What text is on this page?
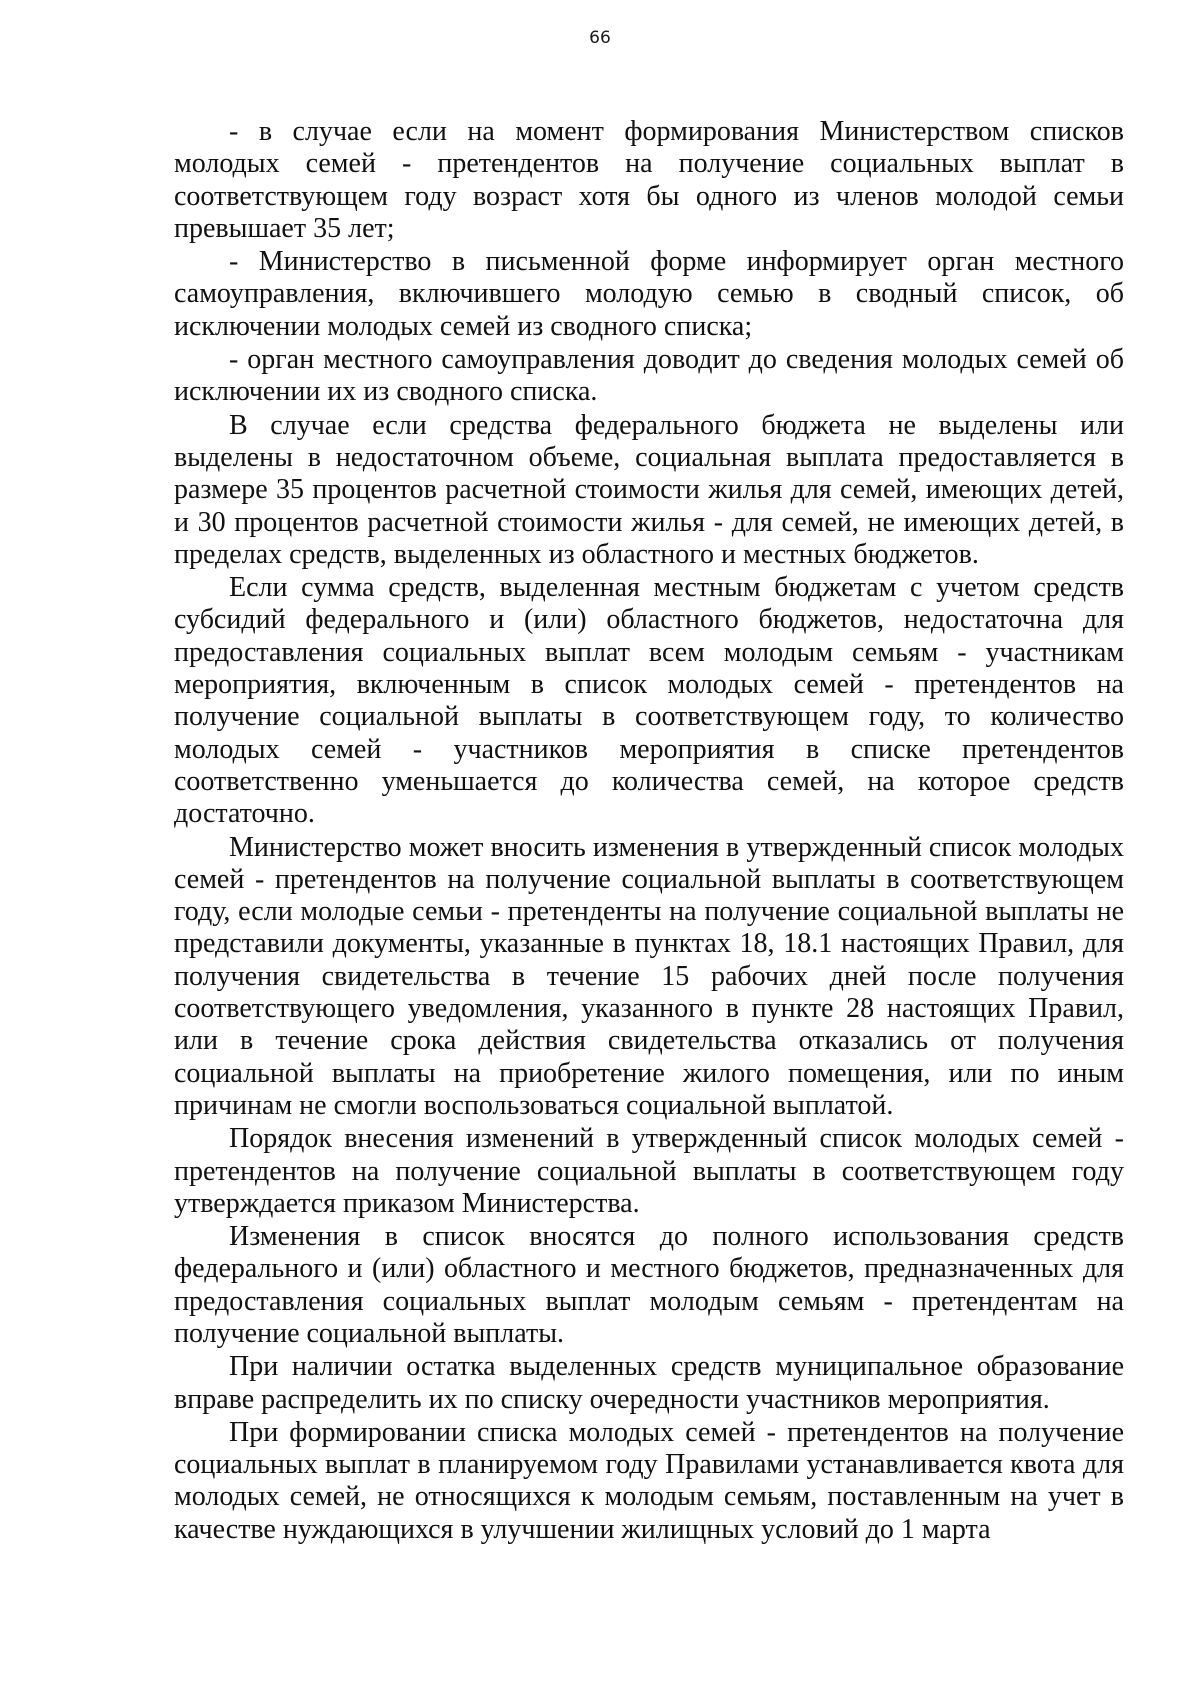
66

- в случае если на момент формирования Министерством списков молодых семей - претендентов на получение социальных выплат в соответствующем году возраст хотя бы одного из членов молодой семьи превышает 35 лет;

- Министерство в письменной форме информирует орган местного самоуправления, включившего молодую семью в сводный список, об исключении молодых семей из сводного списка;

- орган местного самоуправления доводит до сведения молодых семей об исключении их из сводного списка.

В случае если средства федерального бюджета не выделены или выделены в недостаточном объеме, социальная выплата предоставляется в размере 35 процентов расчетной стоимости жилья для семей, имеющих детей, и 30 процентов расчетной стоимости жилья - для семей, не имеющих детей, в пределах средств, выделенных из областного и местных бюджетов.

Если сумма средств, выделенная местным бюджетам с учетом средств субсидий федерального и (или) областного бюджетов, недостаточна для предоставления социальных выплат всем молодым семьям - участникам мероприятия, включенным в список молодых семей - претендентов на получение социальной выплаты в соответствующем году, то количество молодых семей - участников мероприятия в списке претендентов соответственно уменьшается до количества семей, на которое средств достаточно.

Министерство может вносить изменения в утвержденный список молодых семей - претендентов на получение социальной выплаты в соответствующем году, если молодые семьи - претенденты на получение социальной выплаты не представили документы, указанные в пунктах 18, 18.1 настоящих Правил, для получения свидетельства в течение 15 рабочих дней после получения соответствующего уведомления, указанного в пункте 28 настоящих Правил, или в течение срока действия свидетельства отказались от получения социальной выплаты на приобретение жилого помещения, или по иным причинам не смогли воспользоваться социальной выплатой.

Порядок внесения изменений в утвержденный список молодых семей - претендентов на получение социальной выплаты в соответствующем году утверждается приказом Министерства.

Изменения в список вносятся до полного использования средств федерального и (или) областного и местного бюджетов, предназначенных для предоставления социальных выплат молодым семьям - претендентам на получение социальной выплаты.

При наличии остатка выделенных средств муниципальное образование вправе распределить их по списку очередности участников мероприятия.

При формировании списка молодых семей - претендентов на получение социальных выплат в планируемом году Правилами устанавливается квота для молодых семей, не относящихся к молодым семьям, поставленным на учет в качестве нуждающихся в улучшении жилищных условий до 1 марта
